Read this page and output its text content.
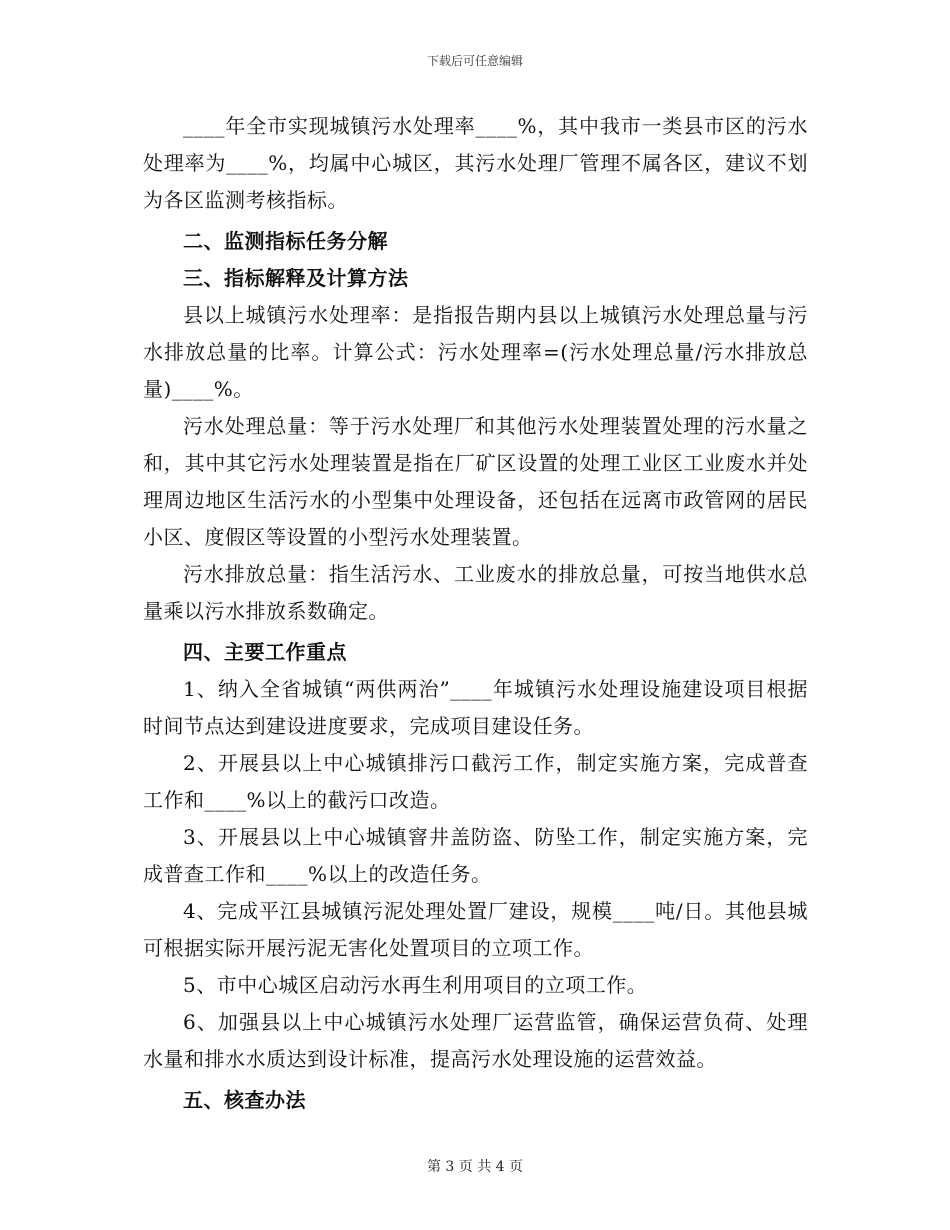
下载后可任意编辑

____年全市实现城镇污水处理率____%，其中我市一类县市区的污水处理率为____%，均属中心城区，其污水处理厂管理不属各区，建议不划为各区监测考核指标。

二、监测指标任务分解

三、指标解释及计算方法

县以上城镇污水处理率：是指报告期内县以上城镇污水处理总量与污水排放总量的比率。计算公式：污水处理率=(污水处理总量/污水排放总量)____%。

污水处理总量：等于污水处理厂和其他污水处理装置处理的污水量之和，其中其它污水处理装置是指在厂矿区设置的处理工业区工业废水并处理周边地区生活污水的小型集中处理设备，还包括在远离市政管网的居民小区、度假区等设置的小型污水处理装置。

污水排放总量：指生活污水、工业废水的排放总量，可按当地供水总量乘以污水排放系数确定。

四、主要工作重点

1、纳入全省城镇“两供两治”____年城镇污水处理设施建设项目根据时间节点达到建设进度要求，完成项目建设任务。

2、开展县以上中心城镇排污口截污工作，制定实施方案，完成普查工作和____%以上的截污口改造。

3、开展县以上中心城镇窨井盖防盗、防坠工作，制定实施方案，完成普查工作和____%以上的改造任务。

4、完成平江县城镇污泥处理处置厂建设，规模____吨/日。其他县城可根据实际开展污泥无害化处置项目的立项工作。

5、市中心城区启动污水再生利用项目的立项工作。

6、加强县以上中心城镇污水处理厂运营监管，确保运营负荷、处理水量和排水水质达到设计标准，提高污水处理设施的运营效益。

五、核查办法

第 3 页 共 4 页
